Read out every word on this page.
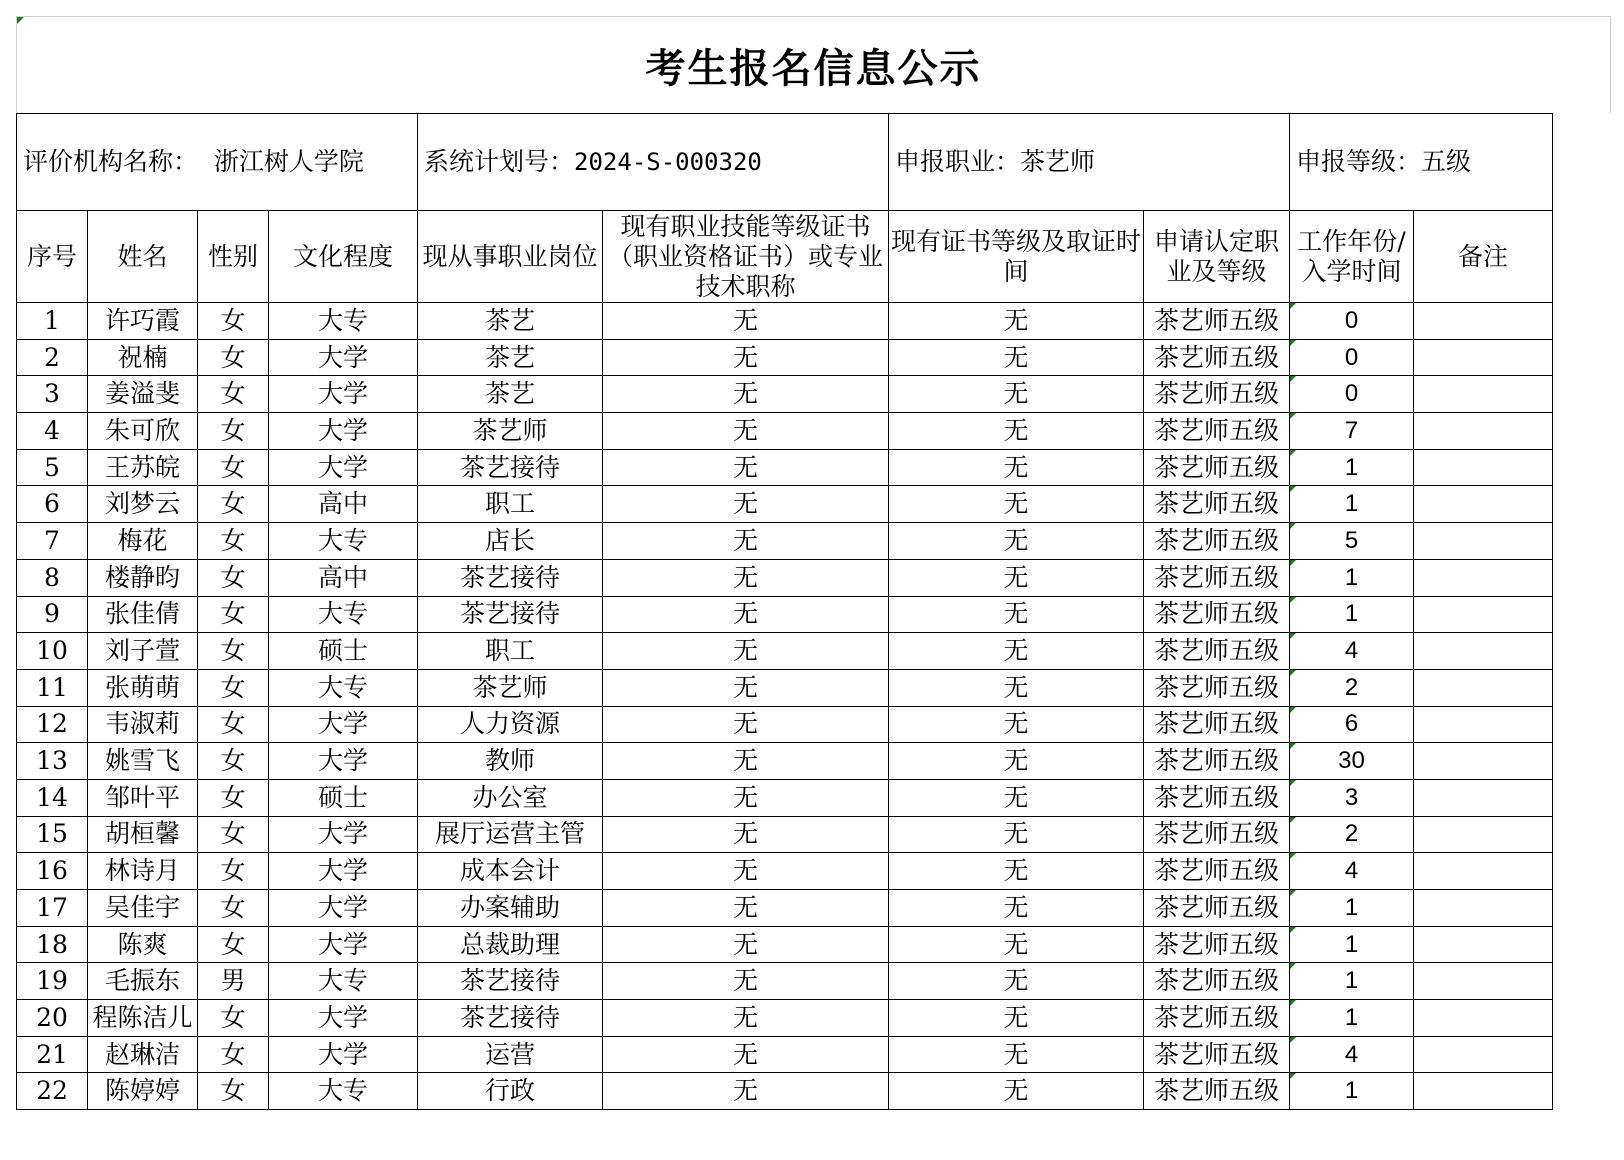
考生报名信息公示
评价机构名称： 浙江树人学院				系统计划号：2024-S-000320		申报职业：茶艺师		申报等级：五级	
序号	姓名	性别	文化程度	现从事职业岗位	现有职业技能等级证书（职业资格证书）或专业技术职称	现有证书等级及取证时间	申请认定职业及等级	工作年份/入学时间	备注
1	许巧霞	女	大专	茶艺	无	无	茶艺师五级	0	
2	祝楠	女	大学	茶艺	无	无	茶艺师五级	0	
3	姜溢斐	女	大学	茶艺	无	无	茶艺师五级	0	
4	朱可欣	女	大学	茶艺师	无	无	茶艺师五级	7	
5	王苏皖	女	大学	茶艺接待	无	无	茶艺师五级	1	
6	刘梦云	女	高中	职工	无	无	茶艺师五级	1	
7	梅花	女	大专	店长	无	无	茶艺师五级	5	
8	楼静昀	女	高中	茶艺接待	无	无	茶艺师五级	1	
9	张佳倩	女	大专	茶艺接待	无	无	茶艺师五级	1	
10	刘子萱	女	硕士	职工	无	无	茶艺师五级	4	
11	张萌萌	女	大专	茶艺师	无	无	茶艺师五级	2	
12	韦淑莉	女	大学	人力资源	无	无	茶艺师五级	6	
13	姚雪飞	女	大学	教师	无	无	茶艺师五级	30	
14	邹叶平	女	硕士	办公室	无	无	茶艺师五级	3	
15	胡桓馨	女	大学	展厅运营主管	无	无	茶艺师五级	2	
16	林诗月	女	大学	成本会计	无	无	茶艺师五级	4	
17	吴佳宇	女	大学	办案辅助	无	无	茶艺师五级	1	
18	陈爽	女	大学	总裁助理	无	无	茶艺师五级	1	
19	毛振东	男	大专	茶艺接待	无	无	茶艺师五级	1	
20	程陈洁儿	女	大学	茶艺接待	无	无	茶艺师五级	1	
21	赵琳洁	女	大学	运营	无	无	茶艺师五级	4	
22	陈婷婷	女	大专	行政	无	无	茶艺师五级	1	
